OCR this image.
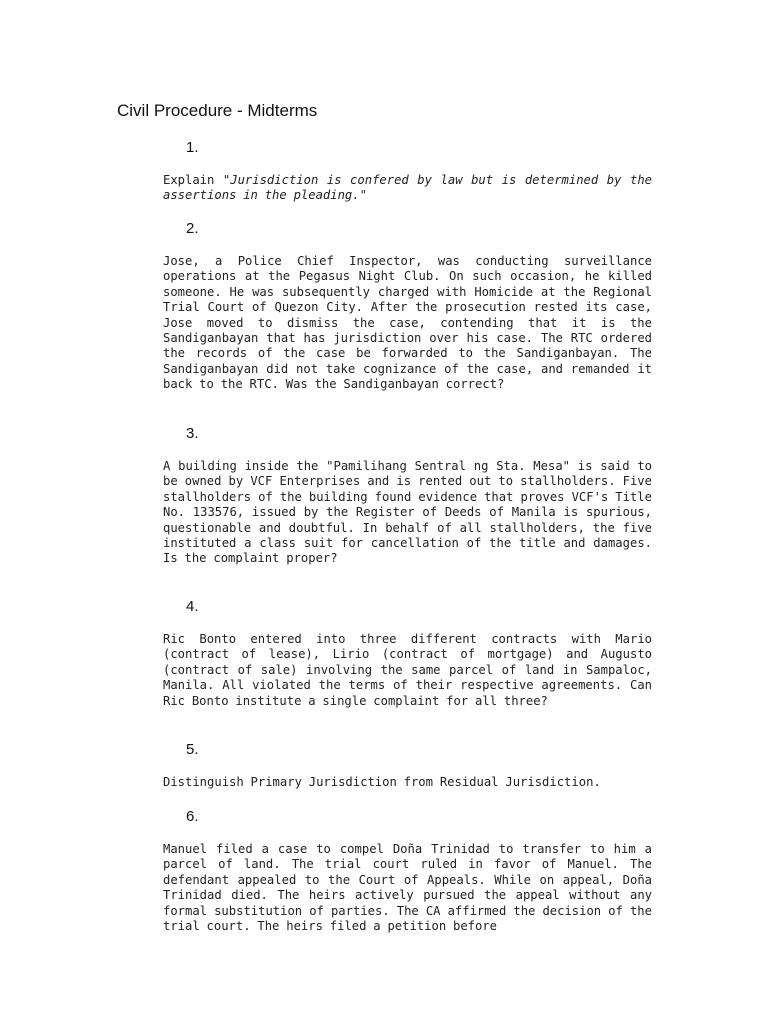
Civil Procedure - Midterms

1.

Explain "Jurisdiction is confered by law but is determined by the assertions in the pleading."

2.

Jose, a Police Chief Inspector, was conducting surveillance operations at the Pegasus Night Club. On such occasion, he killed someone. He was subsequently charged with Homicide at the Regional Trial Court of Quezon City. After the prosecution rested its case, Jose moved to dismiss the case, contending that it is the Sandiganbayan that has jurisdiction over his case. The RTC ordered the records of the case be forwarded to the Sandiganbayan. The Sandiganbayan did not take cognizance of the case, and remanded it back to the RTC. Was the Sandiganbayan correct?

3.

A building inside the "Pamilihang Sentral ng Sta. Mesa" is said to be owned by VCF Enterprises and is rented out to stallholders. Five stallholders of the building found evidence that proves VCF's Title No. 133576, issued by the Register of Deeds of Manila is spurious, questionable and doubtful. In behalf of all stallholders, the five instituted a class suit for cancellation of the title and damages. Is the complaint proper?

4.

Ric Bonto entered into three different contracts with Mario (contract of lease), Lirio (contract of mortgage) and Augusto (contract of sale) involving the same parcel of land in Sampaloc, Manila. All violated the terms of their respective agreements. Can Ric Bonto institute a single complaint for all three?

5.

Distinguish Primary Jurisdiction from Residual Jurisdiction.

6.

Manuel filed a case to compel Doña Trinidad to transfer to him a parcel of land. The trial court ruled in favor of Manuel. The defendant appealed to the Court of Appeals. While on appeal, Doña Trinidad died. The heirs actively pursued the appeal without any formal substitution of parties. The CA affirmed the decision of the trial court. The heirs filed a petition before
